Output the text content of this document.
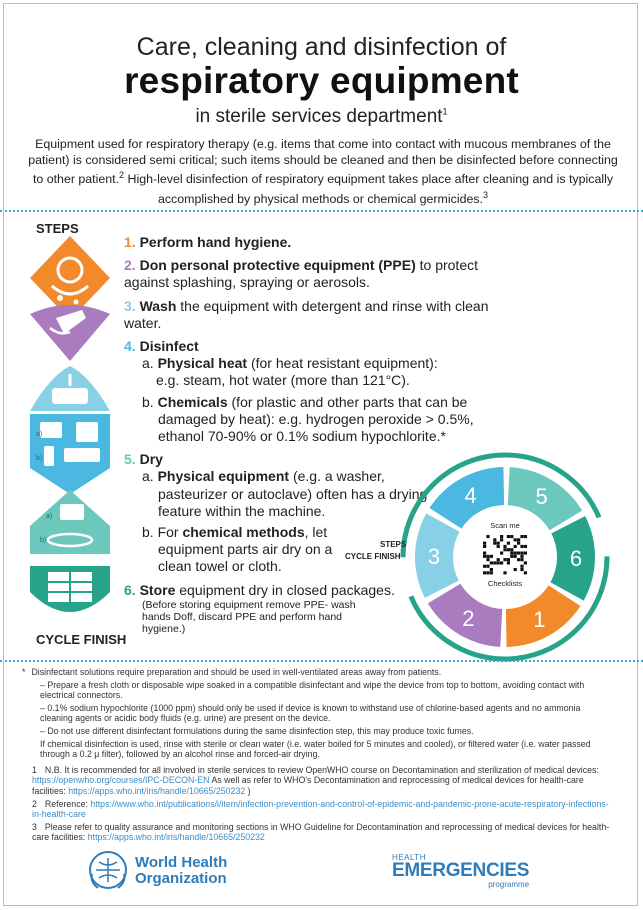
Care, cleaning and disinfection of
respiratory equipment
in sterile services department$^1$
Equipment used for respiratory therapy (e.g. items that come into contact with mucous membranes of the patient) is considered semi critical; such items should be cleaned and then be disinfected before connecting to other patient.$^2$ High-level disinfection of respiratory equipment takes place after cleaning and is typically accomplished by physical methods or chemical germicides.$^3$
STEPS
a)
b)
a)
b)
CYCLE FINISH

1. Perform hand hygiene.

2. Don personal protective equipment (PPE) to protect against splashing, spraying or aerosols.

3. Wash the equipment with detergent and rinse with clean water.

4. Disinfect

a. Physical heat (for heat resistant equipment):

e.g. steam, hot water (more than 121°C).

b. Chemicals (for plastic and other parts that can be damaged by heat): e.g. hydrogen peroxide > 0.5%, ethanol 70-90% or 0.1% sodium hypochlorite.*

5. Dry

a. Physical equipment (e.g. a washer, pasteurizer or autoclave) often has a drying feature within the machine.

b. For chemical methods, let equipment parts air dry on a clean towel or cloth.

6. Store equipment dry in closed packages.

(Before storing equipment remove PPE- wash hands Doff, discard PPE and perform hand hygiene.)	1
2
3
4	5
6
Scan me
Checklists
STEPS
CYCLE FINISH

* Disinfectant solutions require preparation and should be used in well-ventilated areas away from patients.

– Prepare a fresh cloth or disposable wipe soaked in a compatible disinfectant and wipe the device from top to bottom, avoiding contact with electrical connectors.

– 0.1% sodium hypochlorite (1000 ppm) should only be used if device is known to withstand use of chlorine-based agents and no ammonia cleaning agents or acidic body fluids (e.g. urine) are present on the device.

– Do not use different disinfectant formulations during the same disinfection step, this may produce toxic fumes.

If chemical disinfection is used, rinse with sterile or clean water (i.e. water boiled for 5 minutes and cooled), or filtered water (i.e. water passed through a 0.2 μ filter), followed by an alcohol rinse and forced-air drying.

1 N.B. It is recommended for all involved in sterile services to review OpenWHO course on Decontamination and sterilization of medical devices: https://openwho.org/courses/IPC-DECON-EN As well as refer to WHO's Decontamination and reprocessing of medical devices for health-care facilities: https://apps.who.int/iris/handle/10665/250232 )

2 Reference: https://www.who.int/publications/i/item/infection-prevention-and-control-of-epidemic-and-pandemic-prone-acute-respiratory-infections-in-health-care

3 Please refer to quality assurance and monitoring sections in WHO Guideline for Decontamination and reprocessing of medical devices for health-care facilities: https://apps.who.int/iris/handle/10665/250232

World Health
Organization
HEALTH
EMERGENCIES
programme
